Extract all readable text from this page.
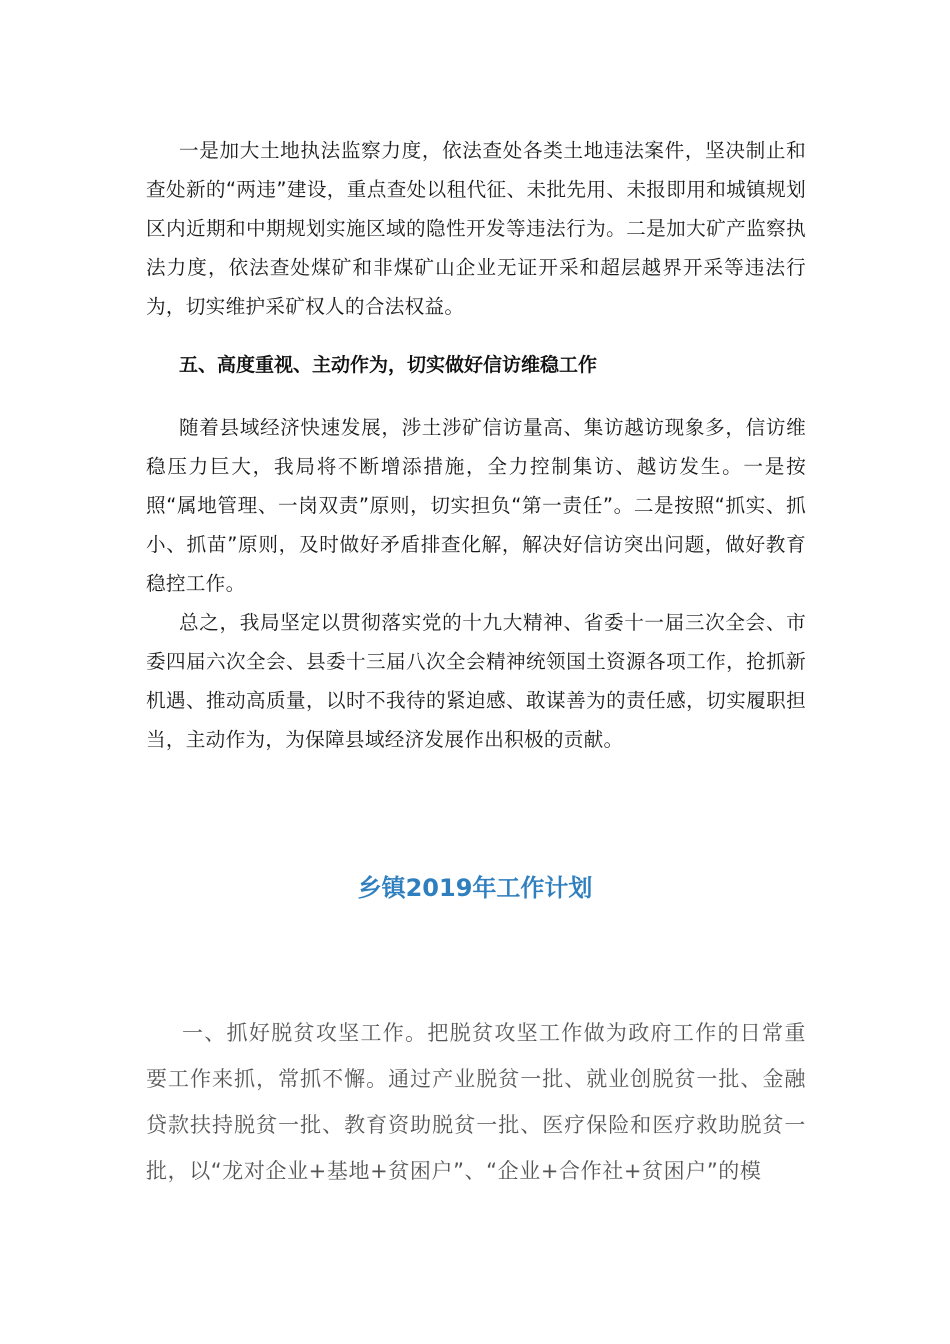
一是加大土地执法监察力度，依法查处各类土地违法案件，坚决制止和查处新的“两违”建设，重点查处以租代征、未批先用、未报即用和城镇规划区内近期和中期规划实施区域的隐性开发等违法行为。二是加大矿产监察执法力度，依法查处煤矿和非煤矿山企业无证开采和超层越界开采等违法行为，切实维护采矿权人的合法权益。

五、高度重视、主动作为，切实做好信访维稳工作

随着县域经济快速发展，涉土涉矿信访量高、集访越访现象多，信访维稳压力巨大，我局将不断增添措施，全力控制集访、越访发生。一是按照“属地管理、一岗双责”原则，切实担负“第一责任”。二是按照“抓实、抓小、抓苗”原则，及时做好矛盾排查化解，解决好信访突出问题，做好教育稳控工作。

总之，我局坚定以贯彻落实党的十九大精神、省委十一届三次全会、市委四届六次全会、县委十三届八次全会精神统领国土资源各项工作，抢抓新机遇、推动高质量，以时不我待的紧迫感、敢谋善为的责任感，切实履职担当，主动作为，为保障县域经济发展作出积极的贡献。

乡镇2019年工作计划

一、抓好脱贫攻坚工作。把脱贫攻坚工作做为政府工作的日常重要工作来抓，常抓不懈。通过产业脱贫一批、就业创脱贫一批、金融贷款扶持脱贫一批、教育资助脱贫一批、医疗保险和医疗救助脱贫一批，以“龙对企业+基地+贫困户”、“企业+合作社+贫困户”的模
